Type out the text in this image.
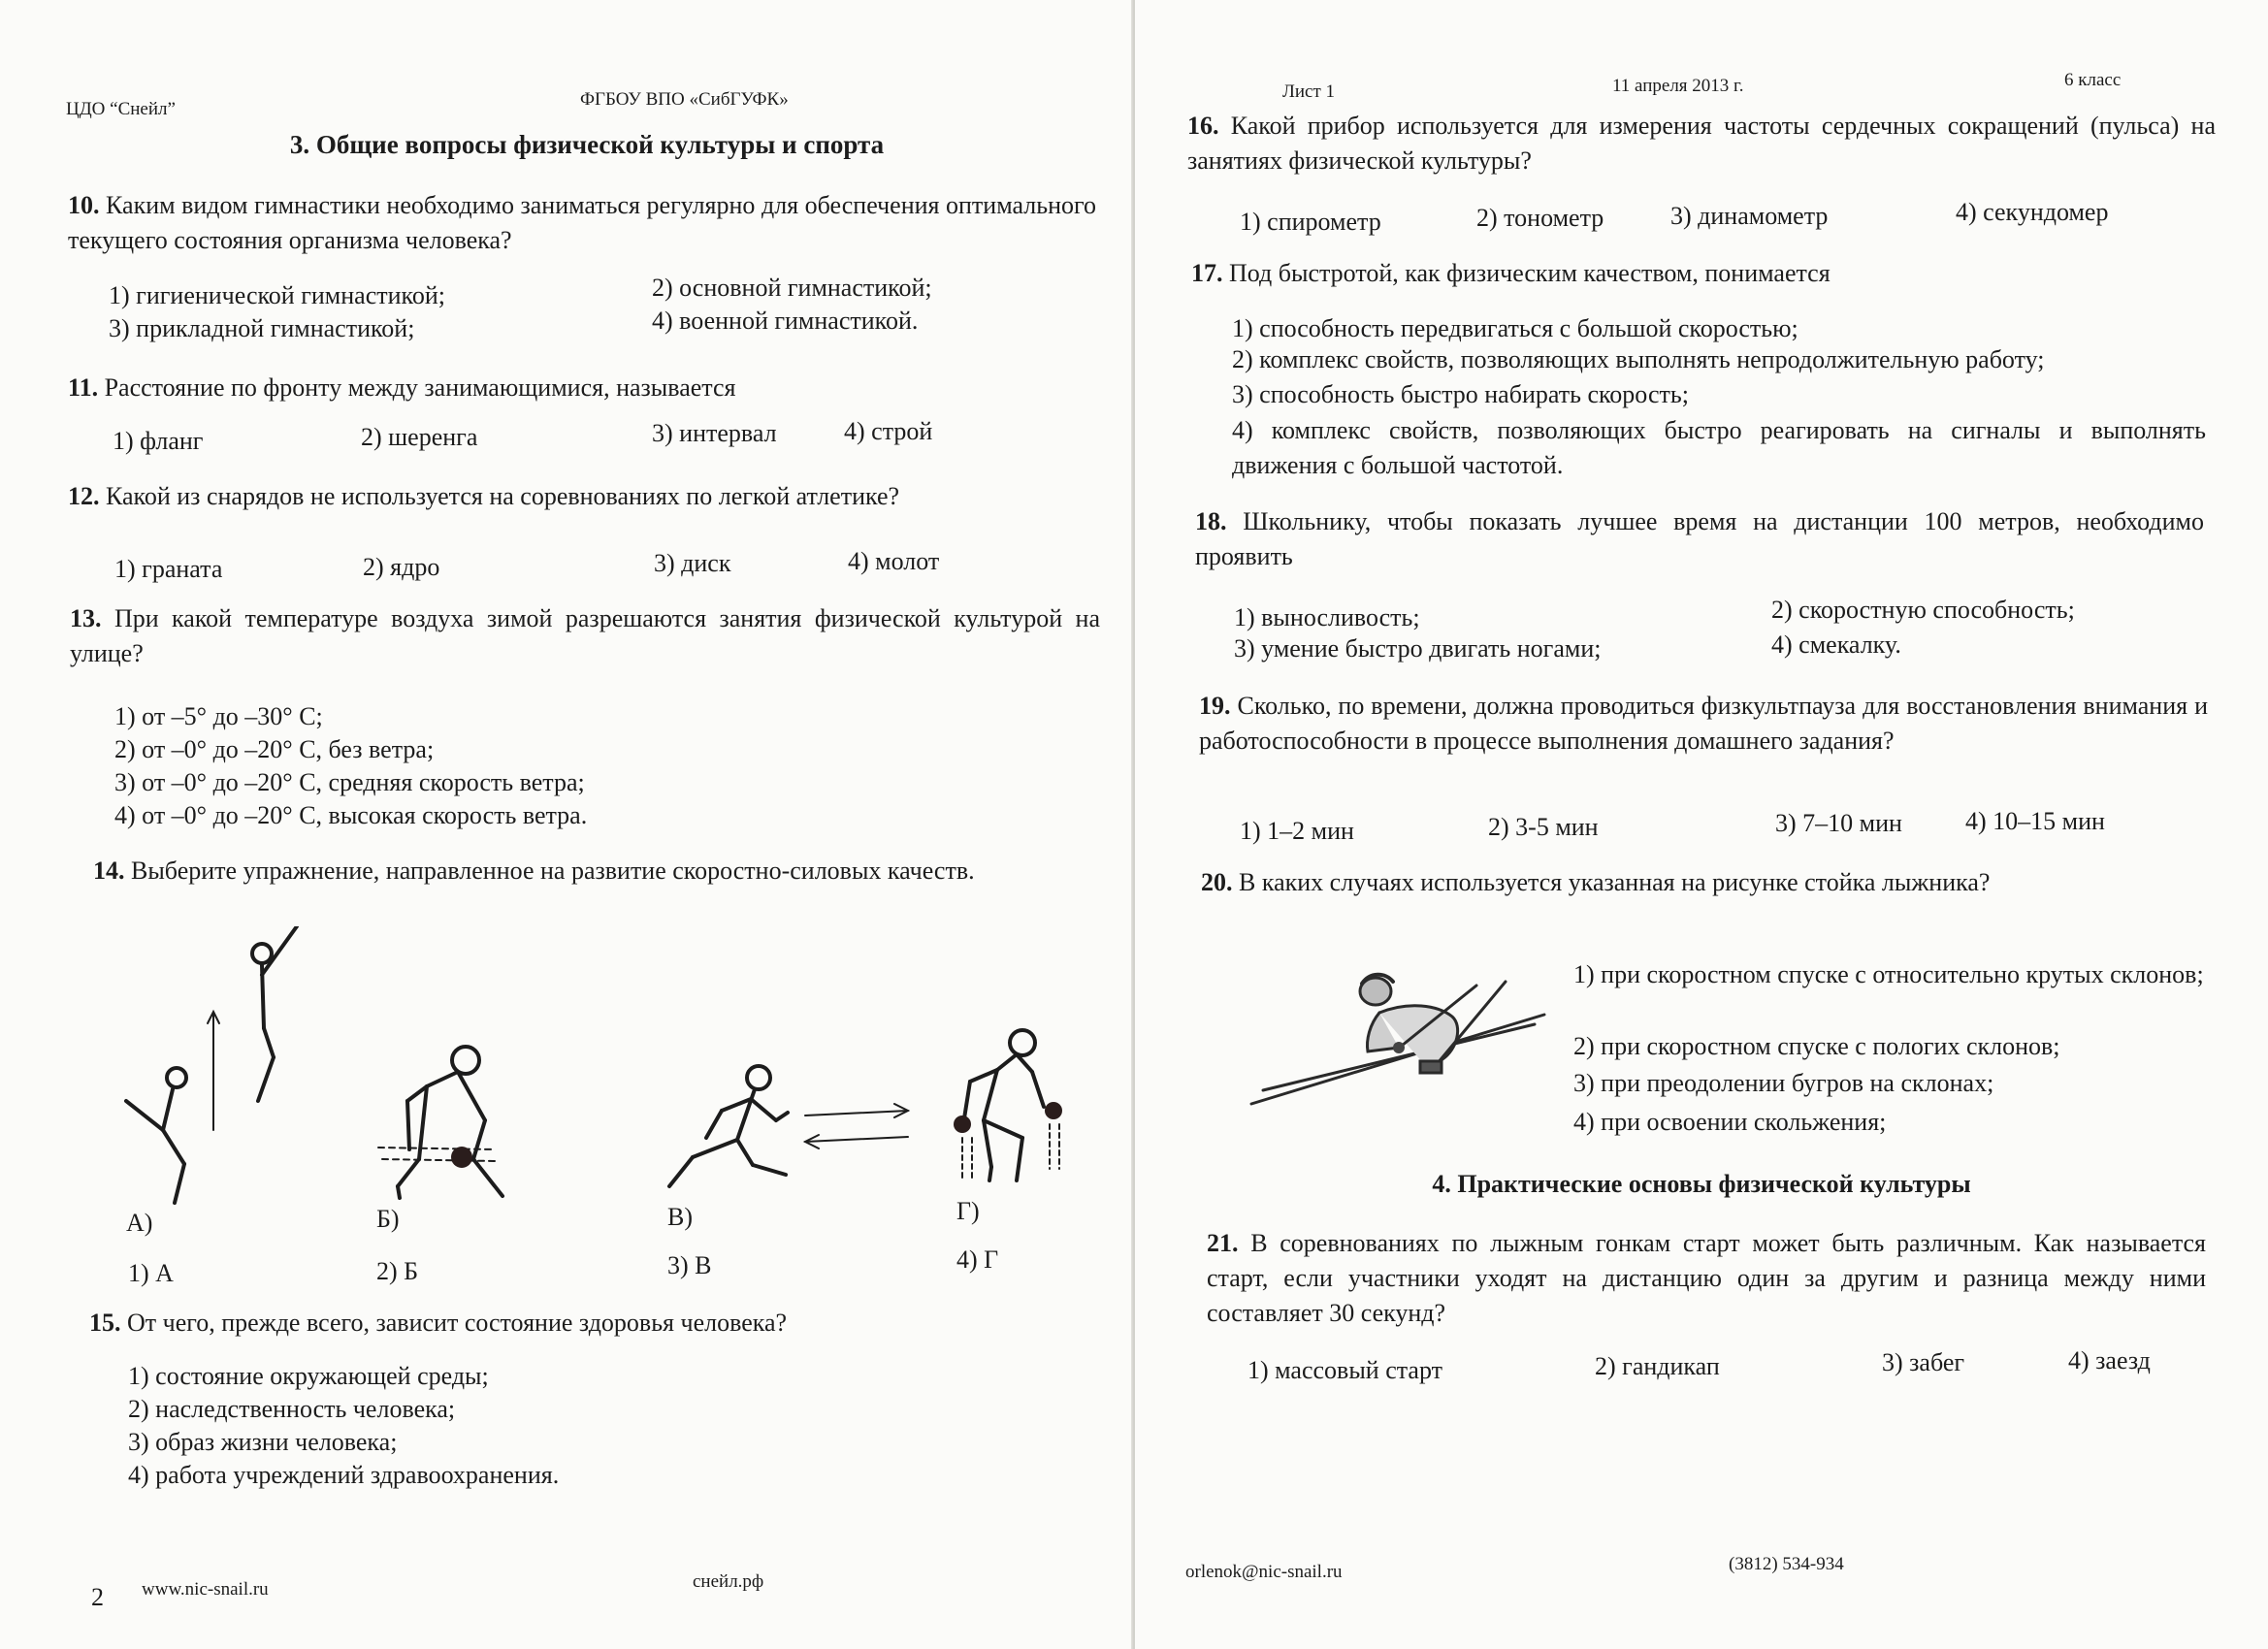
ЦДО “Снейл”	ФГБОУ ВПО «СибГУФК»
3. Общие вопросы физической культуры и спорта
10. Каким видом гимнастики необходимо заниматься регулярно для обеспечения оптимального текущего состояния организма человека?
1) гигиенической гимнастикой;	2) основной гимнастикой;
3) прикладной гимнастикой;	4) военной гимнастикой.
11. Расстояние по фронту между занимающимися, называется
1) фланг	2) шеренга	3) интервал	4) строй
12. Какой из снарядов не используется на соревнованиях по легкой атлетике?
1) граната	2) ядро	3) диск	4) молот
13. При какой температуре воздуха зимой разрешаются занятия физической культурой на улице?
1) от –5° до –30° С;
2) от –0° до –20° С, без ветра;
3) от –0° до –20° С, средняя скорость ветра;
4) от –0° до –20° С, высокая скорость ветра.
14. Выберите упражнение, направленное на развитие скоростно-силовых качеств.
А)	Б)	В)	Г)
1) А	2) Б	3) В	4) Г
15. От чего, прежде всего, зависит состояние здоровья человека?
1) состояние окружающей среды;
2) наследственность человека;
3) образ жизни человека;
4) работа учреждений здравоохранения.
2 www.nic-snail.ru	снейл.рф
Лист 1	11 апреля 2013 г.	6 класс
16. Какой прибор используется для измерения частоты сердечных сокращений (пульса) на занятиях физической культуры?
1) спирометр	2) тонометр	3) динамометр	4) секундомер
17. Под быстротой, как физическим качеством, понимается
1) способность передвигаться с большой скоростью;
2) комплекс свойств, позволяющих выполнять непродолжительную работу;
3) способность быстро набирать скорость;
4) комплекс свойств, позволяющих быстро реагировать на сигналы и выполнять движения с большой частотой.
18. Школьнику, чтобы показать лучшее время на дистанции 100 метров, необходимо проявить
1) выносливость;	2) скоростную способность;
3) умение быстро двигать ногами;	4) смекалку.
19. Сколько, по времени, должна проводиться физкультпауза для восстановления внимания и работоспособности в процессе выполнения домашнего задания?
1) 1–2 мин	2) 3-5 мин	3) 7–10 мин	4) 10–15 мин
20. В каких случаях используется указанная на рисунке стойка лыжника?
1) при скоростном спуске с относительно крутых склонов;
2) при скоростном спуске с пологих склонов;
3) при преодолении бугров на склонах;
4) при освоении скольжения;
4. Практические основы физической культуры
21. В соревнованиях по лыжным гонкам старт может быть различным. Как называется старт, если участники уходят на дистанцию один за другим и разница между ними составляет 30 секунд?
1) массовый старт	2) гандикап	3) забег	4) заезд
orlenok@nic-snail.ru	(3812) 534-934
